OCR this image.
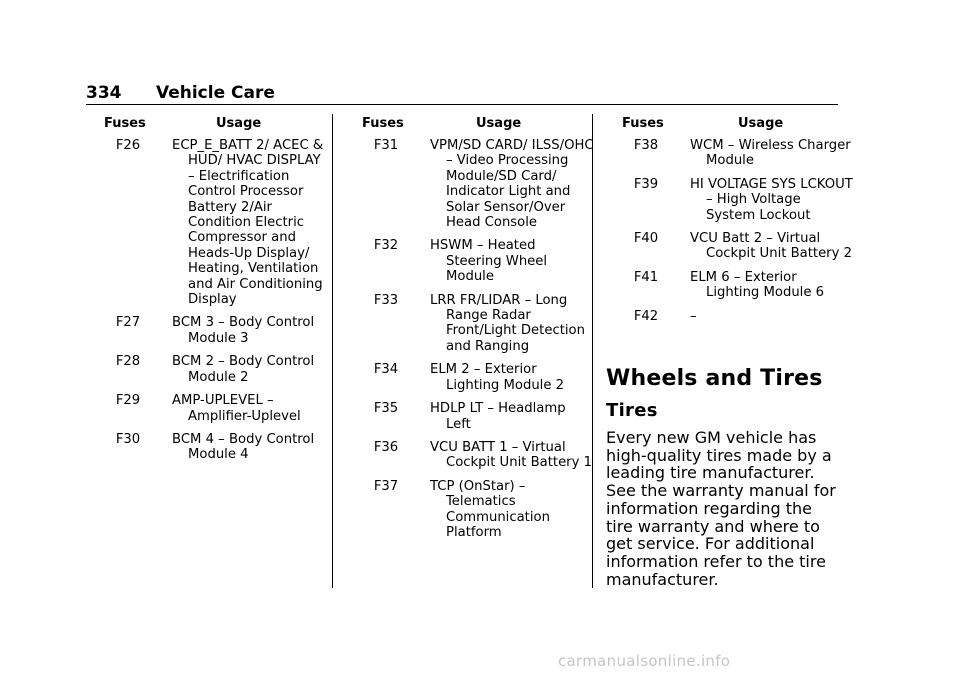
334 Vehicle Care
Fuses	Usage
F26	ECP_E_BATT 2/ ACEC & HUD/ HVAC DISPLAY – Electrification Control Processor Battery 2/Air Condition Electric Compressor and Heads-Up Display/ Heating, Ventilation and Air Conditioning Display
F27	BCM 3 – Body Control Module 3
F28	BCM 2 – Body Control Module 2
F29	AMP-UPLEVEL – Amplifier-Uplevel
F30	BCM 4 – Body Control Module 4
Fuses	Usage
F31	VPM/SD CARD/ ILSS/OHC – Video Processing Module/SD Card/ Indicator Light and Solar Sensor/Over Head Console
F32	HSWM – Heated Steering Wheel Module
F33	LRR FR/LIDAR – Long Range Radar Front/Light Detection and Ranging
F34	ELM 2 – Exterior Lighting Module 2
F35	HDLP LT – Headlamp Left
F36	VCU BATT 1 – Virtual Cockpit Unit Battery 1
F37	TCP (OnStar) – Telematics Communication Platform
Fuses	Usage
F38	WCM – Wireless Charger Module
F39	HI VOLTAGE SYS LCKOUT – High Voltage System Lockout
F40	VCU Batt 2 – Virtual Cockpit Unit Battery 2
F41	ELM 6 – Exterior Lighting Module 6
F42	–
Wheels and Tires
Tires
Every new GM vehicle has high-quality tires made by a leading tire manufacturer. See the warranty manual for information regarding the tire warranty and where to get service. For additional information refer to the tire manufacturer.
carmanualsonline.info
